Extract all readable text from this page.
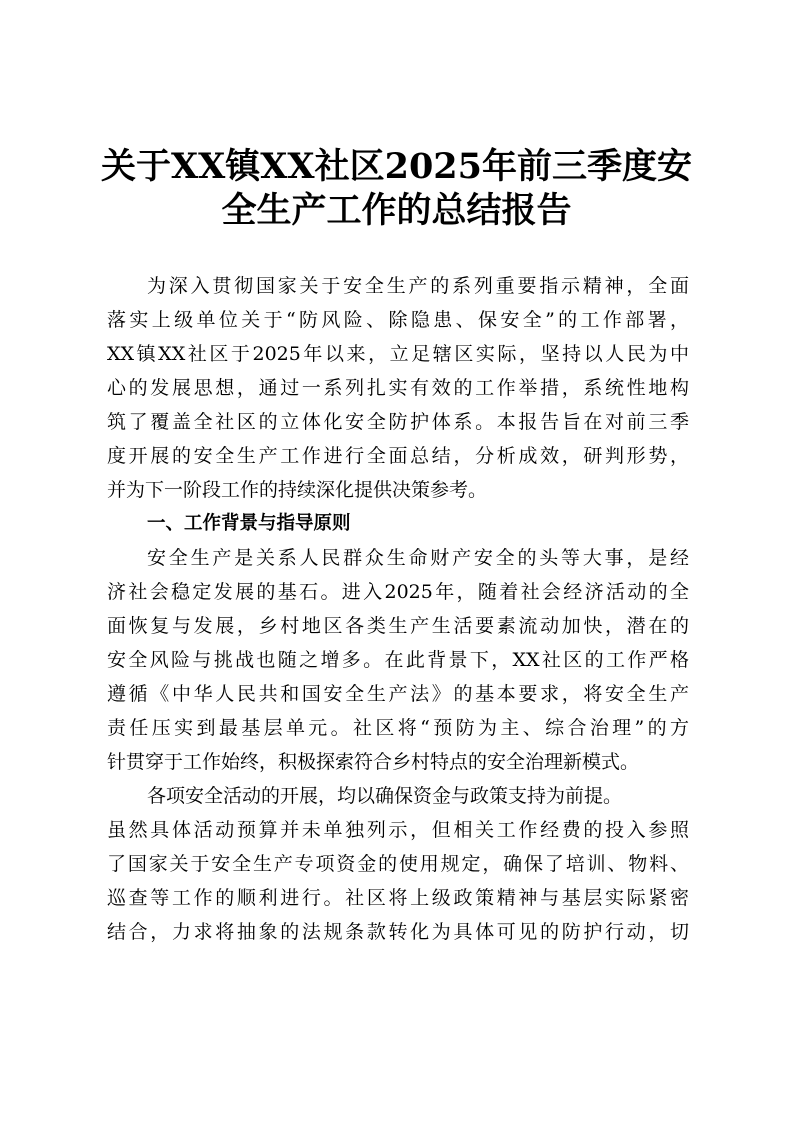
关于XX镇XX社区2025年前三季度安
全生产工作的总结报告
为深入贯彻国家关于安全生产的系列重要指示精神，全面
落实上级单位关于“防风险、除隐患、保安全”的工作部署，
XX镇XX社区于2025年以来，立足辖区实际，坚持以人民为中
心的发展思想，通过一系列扎实有效的工作举措，系统性地构
筑了覆盖全社区的立体化安全防护体系。本报告旨在对前三季
度开展的安全生产工作进行全面总结，分析成效，研判形势，
并为下一阶段工作的持续深化提供决策参考。
一、工作背景与指导原则
安全生产是关系人民群众生命财产安全的头等大事，是经
济社会稳定发展的基石。进入2025年，随着社会经济活动的全
面恢复与发展，乡村地区各类生产生活要素流动加快，潜在的
安全风险与挑战也随之增多。在此背景下，XX社区的工作严格
遵循《中华人民共和国安全生产法》的基本要求，将安全生产
责任压实到最基层单元。社区将“预防为主、综合治理”的方
针贯穿于工作始终，积极探索符合乡村特点的安全治理新模式。
各项安全活动的开展，均以确保资金与政策支持为前提。
虽然具体活动预算并未单独列示，但相关工作经费的投入参照
了国家关于安全生产专项资金的使用规定，确保了培训、物料、
巡查等工作的顺利进行。社区将上级政策精神与基层实际紧密
结合，力求将抽象的法规条款转化为具体可见的防护行动，切
